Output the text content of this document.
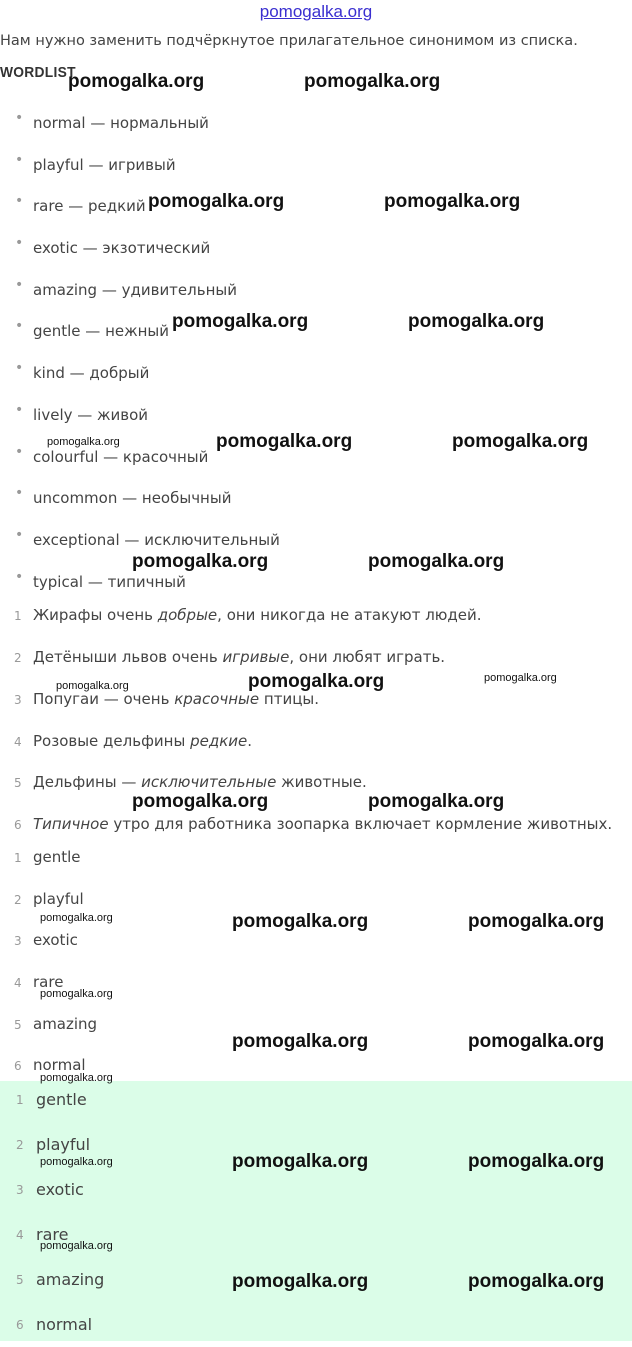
pomogalka.org
Нам нужно заменить подчёркнутое прилагательное синонимом из списка.
WORDLIST
• normal — нормальный
• playful — игривый
• rare — редкий
• exotic — экзотический
• amazing — удивительный
• gentle — нежный
• kind — добрый
• lively — живой
• colourful — красочный
• uncommon — необычный
• exceptional — исключительный
• typical — типичный
1 Жирафы очень добрые, они никогда не атакуют людей.
2 Детёныши львов очень игривые, они любят играть.
3 Попугаи — очень красочные птицы.
4 Розовые дельфины редкие.
5 Дельфины — исключительные животные.
6 Типичное утро для работника зоопарка включает кормление животных.
1 gentle
2 playful
3 exotic
4 rare
5 amazing
6 normal
1 gentle
2 playful
3 exotic
4 rare
5 amazing
6 normal
pomogalka.org	pomogalka.org
pomogalka.org	pomogalka.org
pomogalka.org	pomogalka.org
pomogalka.org	pomogalka.org	pomogalka.org
pomogalka.org	pomogalka.org
pomogalka.org	pomogalka.org	pomogalka.org
pomogalka.org	pomogalka.org
pomogalka.org	pomogalka.org	pomogalka.org
pomogalka.org
pomogalka.org	pomogalka.org
pomogalka.org
pomogalka.org	pomogalka.org	pomogalka.org
pomogalka.org
pomogalka.org	pomogalka.org
